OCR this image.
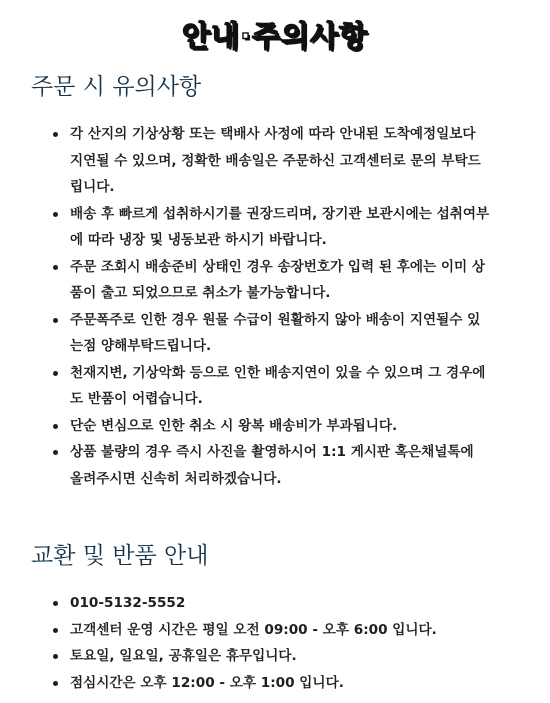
안내·주의사항
주문 시 유의사항
각 산지의 기상상황 또는 택배사 사정에 따라 안내된 도착예정일보다 지연될 수 있으며, 정확한 배송일은 주문하신 고객센터로 문의 부탁드립니다.
배송 후 빠르게 섭취하시기를 권장드리며, 장기관 보관시에는 섭취여부에 따라 냉장 및 냉동보관 하시기 바랍니다.
주문 조회시 배송준비 상태인 경우 송장번호가 입력 된 후에는 이미 상품이 출고 되었으므로 취소가 불가능합니다.
주문폭주로 인한 경우 원물 수급이 원활하지 않아 배송이 지연될수 있는점 양해부탁드립니다.
천재지변, 기상악화 등으로 인한 배송지연이 있을 수 있으며 그 경우에도 반품이 어렵습니다.
단순 변심으로 인한 취소 시 왕복 배송비가 부과됩니다.
상품 불량의 경우 즉시 사진을 촬영하시어 1:1 게시판 혹은채널톡에 올려주시면 신속히 처리하겠습니다.
교환 및 반품 안내
010-5132-5552
고객센터 운영 시간은 평일 오전 09:00 - 오후 6:00 입니다.
토요일, 일요일, 공휴일은 휴무입니다.
점심시간은 오후 12:00 - 오후 1:00 입니다.
